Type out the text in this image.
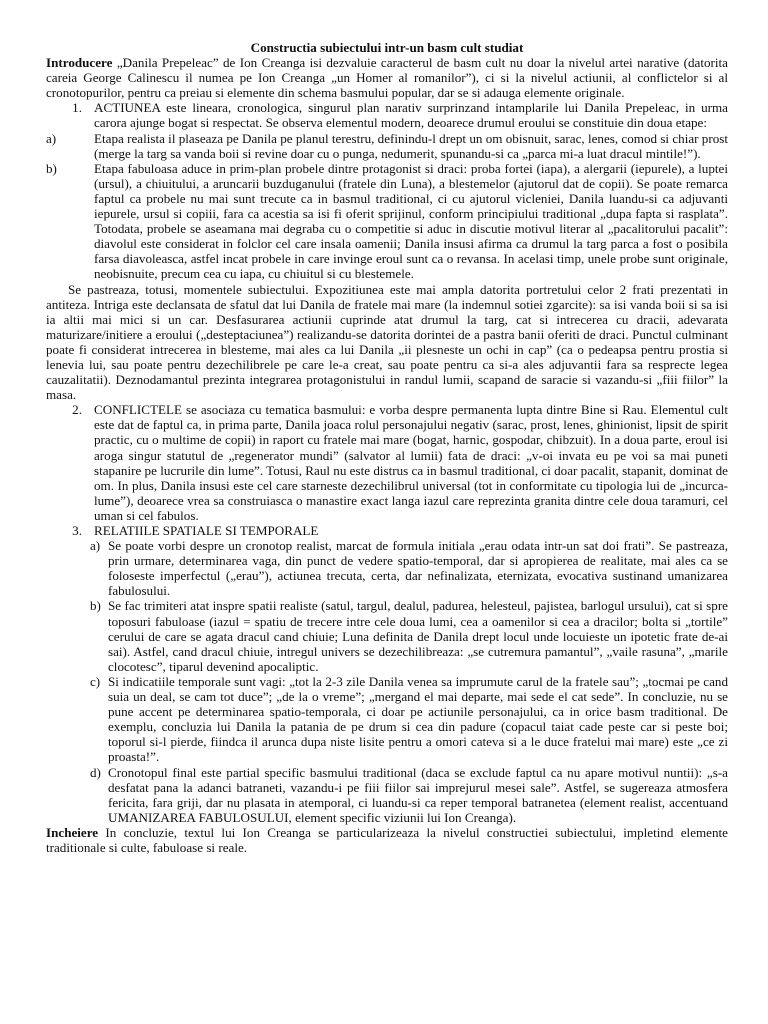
Constructia subiectului intr-un basm cult studiat

Introducere „Danila Prepeleac” de Ion Creanga isi dezvaluie caracterul de basm cult nu doar la nivelul artei narative (datorita careia George Calinescu il numea pe Ion Creanga „un Homer al romanilor”), ci si la nivelul actiunii, al conflictelor si al cronotopurilor, pentru ca preiau si elemente din schema basmului popular, dar se si adauga elemente originale.

1. ACTIUNEA este lineara, cronologica, singurul plan narativ surprinzand intamplarile lui Danila Prepeleac, in urma carora ajunge bogat si respectat. Se observa elementul modern, deoarece drumul eroului se constituie din doua etape:
a)	Etapa realista il plaseaza pe Danila pe planul terestru, definindu-l drept un om obisnuit, sarac, lenes, comod si chiar prost (merge la targ sa vanda boii si revine doar cu o punga, nedumerit, spunandu-si ca „parca mi-a luat dracul mintile!”).
b)	Etapa fabuloasa aduce in prim-plan probele dintre protagonist si draci: proba fortei (iapa), a alergarii (iepurele), a luptei (ursul), a chiuitului, a aruncarii buzduganului (fratele din Luna), a blestemelor (ajutorul dat de copii). Se poate remarca faptul ca probele nu mai sunt trecute ca in basmul traditional, ci cu ajutorul vicleniei, Danila luandu-si ca adjuvanti iepurele, ursul si copiii, fara ca acestia sa isi fi oferit sprijinul, conform principiului traditional „dupa fapta si rasplata”. Totodata, probele se aseamana mai degraba cu o competitie si aduc in discutie motivul literar al „pacalitorului pacalit”: diavolul este considerat in folclor cel care insala oamenii; Danila insusi afirma ca drumul la targ parca a fost o posibila farsa diavoleasca, astfel incat probele in care invinge eroul sunt ca o revansa. In acelasi timp, unele probe sunt originale, neobisnuite, precum cea cu iapa, cu chiuitul si cu blestemele.

Se pastreaza, totusi, momentele subiectului. Expozitiunea este mai ampla datorita portretului celor 2 frati prezentati in antiteza. Intriga este declansata de sfatul dat lui Danila de fratele mai mare (la indemnul sotiei zgarcite): sa isi vanda boii si sa isi ia altii mai mici si un car. Desfasurarea actiunii cuprinde atat drumul la targ, cat si intrecerea cu dracii, adevarata maturizare/initiere a eroului („desteptaciunea”) realizandu-se datorita dorintei de a pastra banii oferiti de draci. Punctul culminant poate fi considerat intrecerea in blesteme, mai ales ca lui Danila „ii plesneste un ochi in cap” (ca o pedeapsa pentru prostia si lenevia lui, sau poate pentru dezechilibrele pe care le-a creat, sau poate pentru ca si-a ales adjuvantii fara sa resprecte legea cauzalitatii). Deznodamantul prezinta integrarea protagonistului in randul lumii, scapand de saracie si vazandu-si „fiii fiilor” la masa.

2. CONFLICTELE se asociaza cu tematica basmului: e vorba despre permanenta lupta dintre Bine si Rau. Elementul cult este dat de faptul ca, in prima parte, Danila joaca rolul personajului negativ (sarac, prost, lenes, ghinionist, lipsit de spirit practic, cu o multime de copii) in raport cu fratele mai mare (bogat, harnic, gospodar, chibzuit). In a doua parte, eroul isi aroga singur statutul de „regenerator mundi” (salvator al lumii) fata de draci: „v-oi invata eu pe voi sa mai puneti stapanire pe lucrurile din lume”. Totusi, Raul nu este distrus ca in basmul traditional, ci doar pacalit, stapanit, dominat de om. In plus, Danila insusi este cel care starneste dezechilibrul universal (tot in conformitate cu tipologia lui de „incurca-lume”), deoarece vrea sa construiasca o manastire exact langa iazul care reprezinta granita dintre cele doua taramuri, cel uman si cel fabulos.
3. RELATIILE SPATIALE SI TEMPORALE
a) Se poate vorbi despre un cronotop realist, marcat de formula initiala „erau odata intr-un sat doi frati”. Se pastreaza, prin urmare, determinarea vaga, din punct de vedere spatio-temporal, dar si apropierea de realitate, mai ales ca se foloseste imperfectul („erau”), actiunea trecuta, certa, dar nefinalizata, eternizata, evocativa sustinand umanizarea fabulosului.
b) Se fac trimiteri atat inspre spatii realiste (satul, targul, dealul, padurea, helesteul, pajistea, barlogul ursului), cat si spre toposuri fabuloase (iazul = spatiu de trecere intre cele doua lumi, cea a oamenilor si cea a dracilor; bolta si „tortile” cerului de care se agata dracul cand chiuie; Luna definita de Danila drept locul unde locuieste un ipotetic frate de-ai sai). Astfel, cand dracul chiuie, intregul univers se dezechilibreaza: „se cutremura pamantul”, „vaile rasuna”, „marile clocotesc”, tiparul devenind apocaliptic.
c) Si indicatiile temporale sunt vagi: „tot la 2-3 zile Danila venea sa imprumute carul de la fratele sau”; „tocmai pe cand suia un deal, se cam tot duce”; „de la o vreme”; „mergand el mai departe, mai sede el cat sede”. In concluzie, nu se pune accent pe determinarea spatio-temporala, ci doar pe actiunile personajului, ca in orice basm traditional. De exemplu, concluzia lui Danila la patania de pe drum si cea din padure (copacul taiat cade peste car si peste boi; toporul si-l pierde, fiindca il arunca dupa niste lisite pentru a omori cateva si a le duce fratelui mai mare) este „ce zi proasta!”.
d) Cronotopul final este partial specific basmului traditional (daca se exclude faptul ca nu apare motivul nuntii): „s-a desfatat pana la adanci batraneti, vazandu-i pe fiii fiilor sai imprejurul mesei sale”. Astfel, se sugereaza atmosfera fericita, fara griji, dar nu plasata in atemporal, ci luandu-si ca reper temporal batranetea (element realist, accentuand UMANIZAREA FABULOSULUI, element specific viziunii lui Ion Creanga).

Incheiere In concluzie, textul lui Ion Creanga se particularizeaza la nivelul constructiei subiectului, impletind elemente traditionale si culte, fabuloase si reale.
